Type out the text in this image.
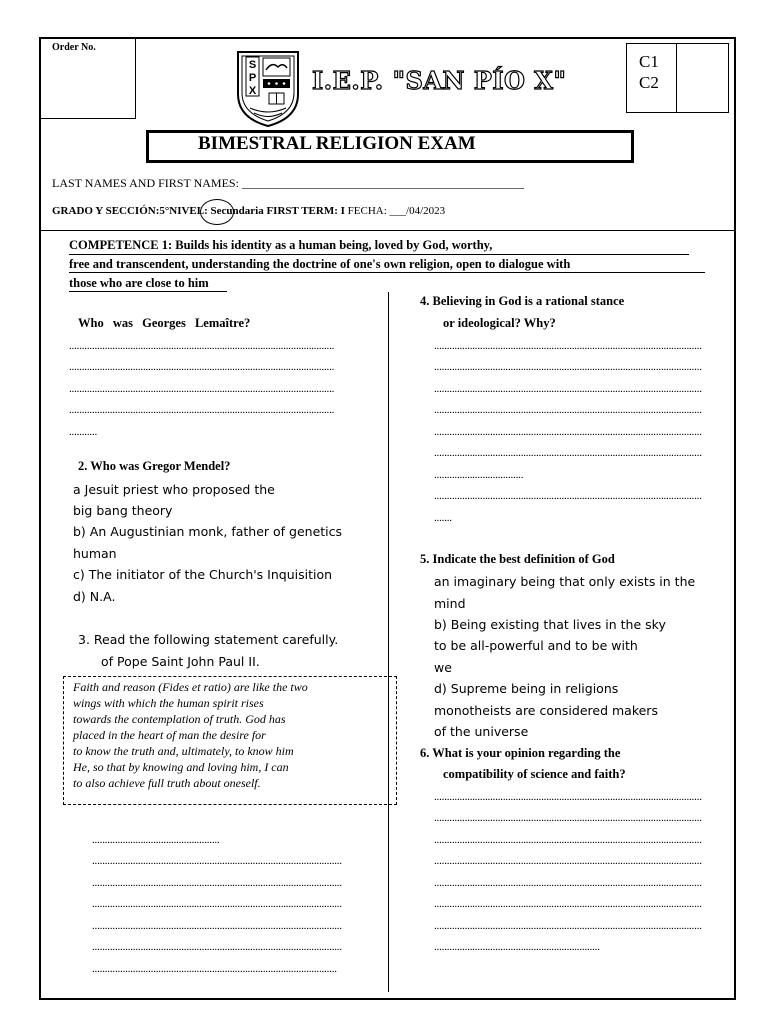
Order No.
S
P
X I.E.P. "SAN PÍO X"
C1
C2
BIMESTRAL RELIGION EXAM
LAST NAMES AND FIRST NAMES: _______________________________________________
GRADO Y SECCIÓN:5°NIVEL: Secundaria FIRST TERM: I FECHA: ___/04/2023
COMPETENCE 1: Builds his identity as a human being, loved by God, worthy,
free and transcendent, understanding the doctrine of one's own religion, open to dialogue with
those who are close to him
Who was Georges Lemaître?
........................................................................................................
........................................................................................................
........................................................................................................
........................................................................................................
...........
2. Who was Gregor Mendel?
a Jesuit priest who proposed the
big bang theory
b) An Augustinian monk, father of genetics
human
c) The initiator of the Church's Inquisition
d) N.A.
3. Read the following statement carefully.
of Pope Saint John Paul II.
Faith and reason (Fides et ratio) are like the two
wings with which the human spirit rises
towards the contemplation of truth. God has
placed in the heart of man the desire for
to know the truth and, ultimately, to know him
He, so that by knowing and loving him, I can
to also achieve full truth about oneself.
..................................................
..................................................................................................
..................................................................................................
..................................................................................................
..................................................................................................
..................................................................................................
................................................................................................
4. Believing in God is a rational stance
or ideological? Why?
.........................................................................................................
.........................................................................................................
.........................................................................................................
.........................................................................................................
.........................................................................................................
.........................................................................................................
...................................
.........................................................................................................
.......
5. Indicate the best definition of God
an imaginary being that only exists in the
mind
b) Being existing that lives in the sky
to be all-powerful and to be with
we
d) Supreme being in religions
monotheists are considered makers
of the universe
6. What is your opinion regarding the
compatibility of science and faith?
.........................................................................................................
.........................................................................................................
.........................................................................................................
.........................................................................................................
.........................................................................................................
.........................................................................................................
.........................................................................................................
.................................................................
